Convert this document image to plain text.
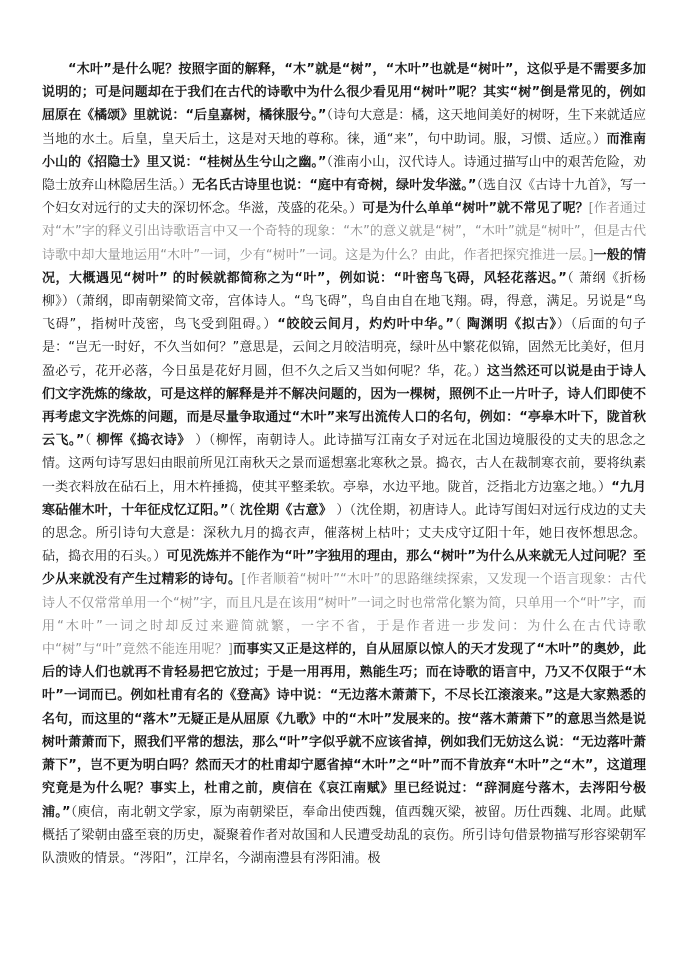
“木叶”是什么呢？按照字面的解释，“木”就是“树”，“木叶”也就是“树叶”，这似乎是不需要多加说明的；可是问题却在于我们在古代的诗歌中为什么很少看见用“树叶”呢？其实“树”倒是常见的，例如屈原在《橘颂》里就说：“后皇嘉树，橘徕服兮。”（诗句大意是：橘，这天地间美好的树呀，生下来就适应当地的水土。后皇，皇天后土，这是对天地的尊称。徕，通“来”，句中助词。服，习惯、适应。）而淮南小山的《招隐士》里又说：“桂树丛生兮山之幽。”（淮南小山，汉代诗人。诗通过描写山中的艰苦危险，劝隐士放弃山林隐居生活。）无名氏古诗里也说：“庭中有奇树，绿叶发华滋。”（选自汉《古诗十九首》，写一个妇女对远行的丈夫的深切怀念。华滋，茂盛的花朵。）可是为什么单单“树叶”就不常见了呢？[作者通过对“木”字的释义引出诗歌语言中又一个奇特的现象：“木”的意义就是“树”，“木叶”就是“树叶”，但是古代诗歌中却大量地运用“木叶”一词，少有“树叶”一词。这是为什么？由此，作者把探究推进一层。]一般的情况，大概遇见“树叶” 的时候就都简称之为“叶”，例如说：“叶密鸟飞碍，风轻花落迟。”（ 萧纲《折杨柳》）（萧纲，即南朝梁简文帝，宫体诗人。“鸟飞碍”，鸟自由自在地飞翔。碍，得意，满足。另说是“鸟飞碍”，指树叶茂密，鸟飞受到阻碍。）“皎皎云间月，灼灼叶中华。”（ 陶渊明《拟古》）（后面的句子是：“岂无一时好，不久当如何？”意思是，云间之月皎洁明亮，绿叶丛中繁花似锦，固然无比美好，但月盈必亏，花开必落，今日虽是花好月圆，但不久之后又当如何呢？华，花。）这当然还可以说是由于诗人们文字洗炼的缘故，可是这样的解释是并不解决问题的，因为一棵树，照例不止一片叶子，诗人们即使不再考虑文字洗炼的问题，而是尽量争取通过“木叶”来写出流传人口的名句，例如：“亭皋木叶下，陇首秋云飞。”（ 柳恽《捣衣诗》 ）（柳恽，南朝诗人。此诗描写江南女子对远在北国边境服役的丈夫的思念之情。这两句诗写思妇由眼前所见江南秋天之景而遥想塞北寒秋之景。捣衣，古人在裁制寒衣前，要将纨素一类衣料放在砧石上，用木杵捶捣，使其平整柔软。亭皋，水边平地。陇首，泛指北方边塞之地。）“九月寒砧催木叶，十年征戍忆辽阳。”（ 沈佺期《古意》 ）（沈佺期，初唐诗人。此诗写闺妇对远行戍边的丈夫的思念。所引诗句大意是：深秋九月的捣衣声，催落树上枯叶；丈夫戍守辽阳十年，她日夜怀想思念。砧，捣衣用的石头。）可见洗炼并不能作为“叶”字独用的理由，那么“树叶”为什么从来就无人过问呢？至少从来就没有产生过精彩的诗句。[作者顺着“树叶”“木叶”的思路继续探索，又发现一个语言现象：古代诗人不仅常常单用一个“树”字，而且凡是在该用“树叶”一词之时也常常化繁为简，只单用一个“叶”字，而用“木叶”一词之时却反过来避简就繁，一字不省，于是作者进一步发问：为什么在古代诗歌中“树”与“叶”竟然不能连用呢？]而事实又正是这样的，自从屈原以惊人的天才发现了“木叶”的奥妙，此后的诗人们也就再不肯轻易把它放过；于是一用再用，熟能生巧；而在诗歌的语言中，乃又不仅限于“木叶”一词而已。例如杜甫有名的《登高》诗中说：“无边落木萧萧下，不尽长江滚滚来。”这是大家熟悉的名句，而这里的“落木”无疑正是从屈原《九歌》中的“木叶”发展来的。按“落木萧萧下”的意思当然是说树叶萧萧而下，照我们平常的想法，那么“叶”字似乎就不应该省掉，例如我们无妨这么说：“无边落叶萧萧下”，岂不更为明白吗？然而天才的杜甫却宁愿省掉“木叶”之“叶”而不肯放弃“木叶”之“木”，这道理究竟是为什么呢？事实上，杜甫之前，庾信在《哀江南赋》里已经说过：“辞洞庭兮落木，去涔阳兮极浦。”（庾信，南北朝文学家，原为南朝梁臣，奉命出使西魏，值西魏灭梁，被留。历仕西魏、北周。此赋概括了梁朝由盛至衰的历史，凝聚着作者对故国和人民遭受劫乱的哀伤。所引诗句借景物描写形容梁朝军队溃败的情景。“涔阳”，江岸名，今湖南澧县有涔阳浦。极
